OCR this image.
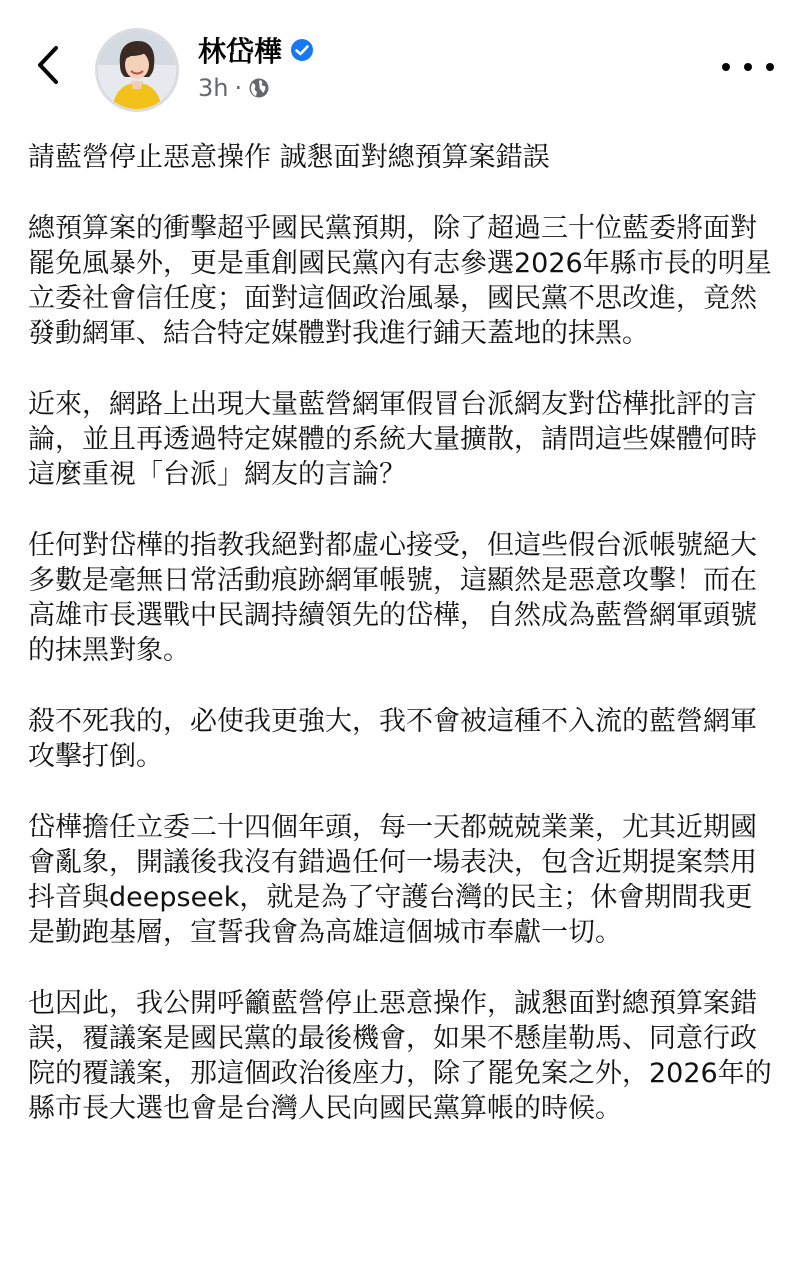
林岱樺
3h ·
請藍營停止惡意操作 誠懇面對總預算案錯誤
總預算案的衝擊超乎國民黨預期，除了超過三十位藍委將面對罷免風暴外，更是重創國民黨內有志參選2026年縣市長的明星立委社會信任度；面對這個政治風暴，國民黨不思改進，竟然發動網軍、結合特定媒體對我進行鋪天蓋地的抹黑。
近來，網路上出現大量藍營網軍假冒台派網友對岱樺批評的言論，並且再透過特定媒體的系統大量擴散，請問這些媒體何時這麼重視「台派」網友的言論？
任何對岱樺的指教我絕對都虛心接受，但這些假台派帳號絕大多數是毫無日常活動痕跡網軍帳號，這顯然是惡意攻擊！而在高雄市長選戰中民調持續領先的岱樺，自然成為藍營網軍頭號的抹黑對象。
殺不死我的，必使我更強大，我不會被這種不入流的藍營網軍攻擊打倒。
岱樺擔任立委二十四個年頭，每一天都兢兢業業，尤其近期國會亂象，開議後我沒有錯過任何一場表決，包含近期提案禁用抖音與deepseek，就是為了守護台灣的民主；休會期間我更是勤跑基層，宣誓我會為高雄這個城市奉獻一切。
也因此，我公開呼籲藍營停止惡意操作，誠懇面對總預算案錯誤，覆議案是國民黨的最後機會，如果不懸崖勒馬、同意行政院的覆議案，那這個政治後座力，除了罷免案之外，2026年的縣市長大選也會是台灣人民向國民黨算帳的時候。
